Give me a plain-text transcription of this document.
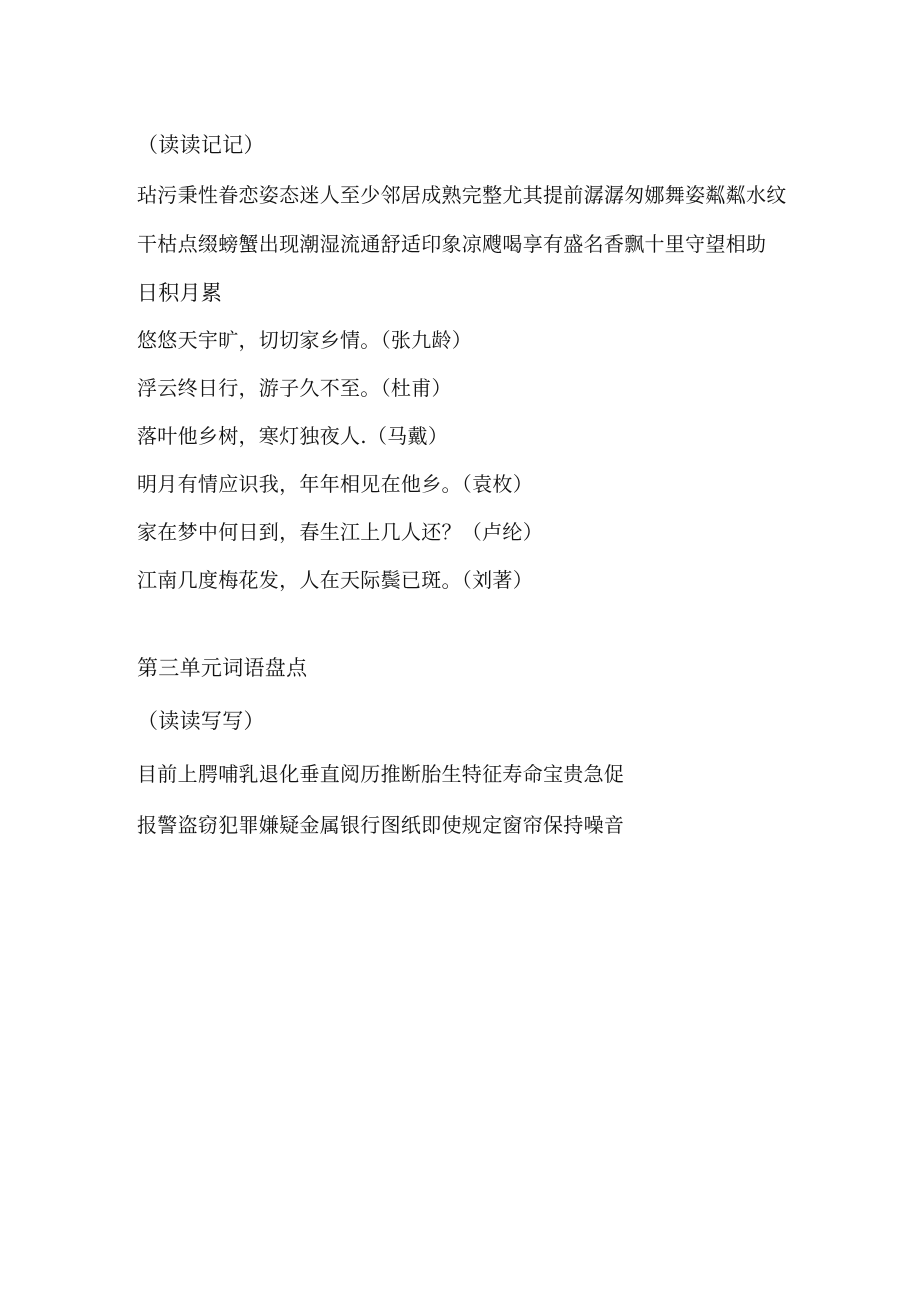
（读读记记）
玷污秉性眷恋姿态迷人至少邻居成熟完整尤其提前潺潺匆娜舞姿粼粼水纹
干枯点缀螃蟹出现潮湿流通舒适印象凉飕喝享有盛名香飘十里守望相助
日积月累
悠悠天宇旷，切切家乡情。（张九龄）
浮云终日行，游子久不至。（杜甫）
落叶他乡树，寒灯独夜人.（马戴）
明月有情应识我，年年相见在他乡。（袁枚）
家在梦中何日到，春生江上几人还？（卢纶）
江南几度梅花发，人在天际鬓已斑。（刘著）
第三单元词语盘点
（读读写写）
目前上腭哺乳退化垂直阅历推断胎生特征寿命宝贵急促
报警盗窃犯罪嫌疑金属银行图纸即使规定窗帘保持噪音
